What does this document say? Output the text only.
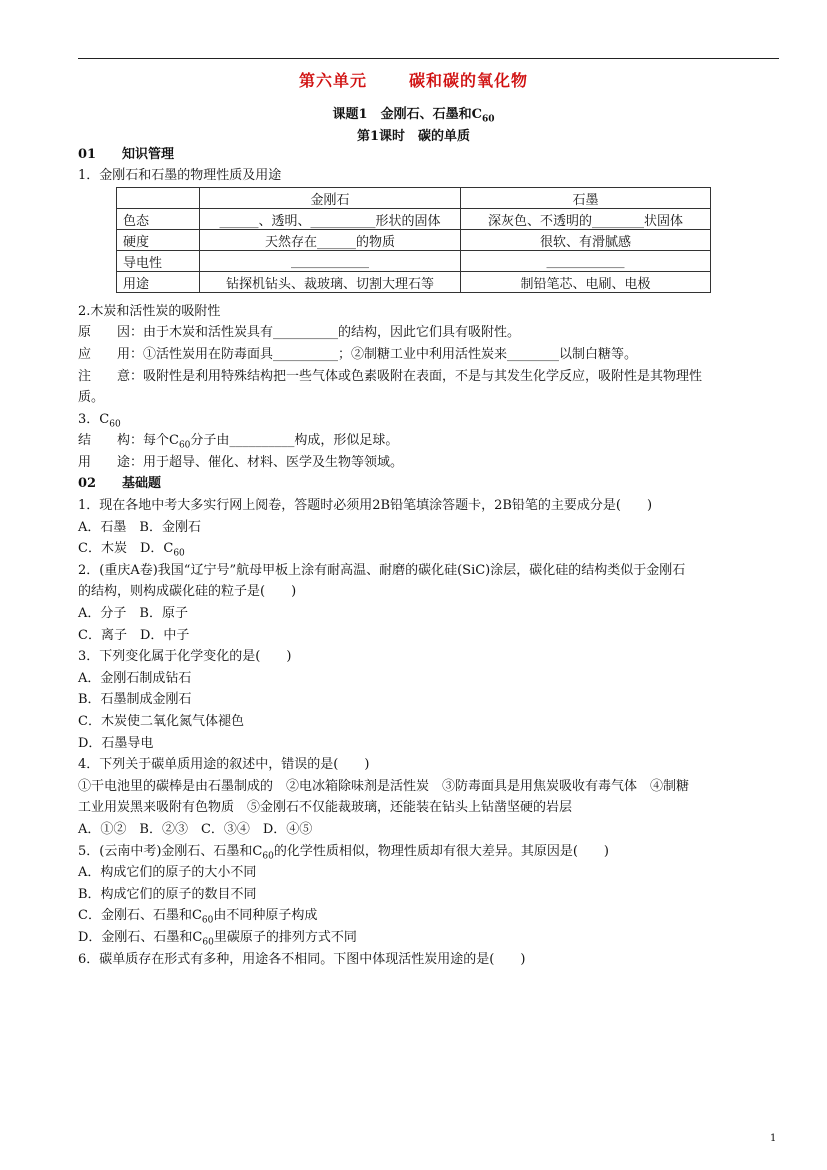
第六单元	碳和碳的氧化物
课题1　金刚石、石墨和$C_{60}$
第1课时　碳的单质
01 知识管理
1．金刚石和石墨的物理性质及用途
	金刚石	石墨
色态	______、透明、__________形状的固体	深灰色、不透明的________状固体
硬度	天然存在______的物质	很软、有滑腻感
导电性	____________	____________
用途	钻探机钻头、裁玻璃、切割大理石等	制铅笔芯、电刷、电极
2.木炭和活性炭的吸附性
原　　因：由于木炭和活性炭具有__________的结构，因此它们具有吸附性。
应　　用：①活性炭用在防毒面具__________；②制糖工业中利用活性炭来________以制白糖等。
注　　意：吸附性是利用特殊结构把一些气体或色素吸附在表面，不是与其发生化学反应，吸附性是其物理性
质。
3．$C_{60}$
结　　构：每个$C_{60}$分子由__________构成，形似足球。
用　　途：用于超导、催化、材料、医学及生物等领域。
02 基础题
1．现在各地中考大多实行网上阅卷，答题时必须用2B铅笔填涂答题卡，2B铅笔的主要成分是(　　)
A．石墨　B．金刚石
C．木炭　D．$C_{60}$
2．(重庆A卷)我国“辽宁号”航母甲板上涂有耐高温、耐磨的碳化硅(SiC)涂层，碳化硅的结构类似于金刚石
的结构，则构成碳化硅的粒子是(　　)
A．分子　B．原子
C．离子　D．中子
3．下列变化属于化学变化的是(　　)
A．金刚石制成钻石
B．石墨制成金刚石
C．木炭使二氧化氮气体褪色
D．石墨导电
4．下列关于碳单质用途的叙述中，错误的是(　　)
①干电池里的碳棒是由石墨制成的　②电冰箱除味剂是活性炭　③防毒面具是用焦炭吸收有毒气体　④制糖
工业用炭黑来吸附有色物质　⑤金刚石不仅能裁玻璃，还能装在钻头上钻凿坚硬的岩层
A．①②　B．②③　C．③④　D．④⑤
5．(云南中考)金刚石、石墨和$C_{60}$的化学性质相似，物理性质却有很大差异。其原因是(　　)
A．构成它们的原子的大小不同
B．构成它们的原子的数目不同
C．金刚石、石墨和$C_{60}$由不同种原子构成
D．金刚石、石墨和$C_{60}$里碳原子的排列方式不同
6．碳单质存在形式有多种，用途各不相同。下图中体现活性炭用途的是(　　)
1
